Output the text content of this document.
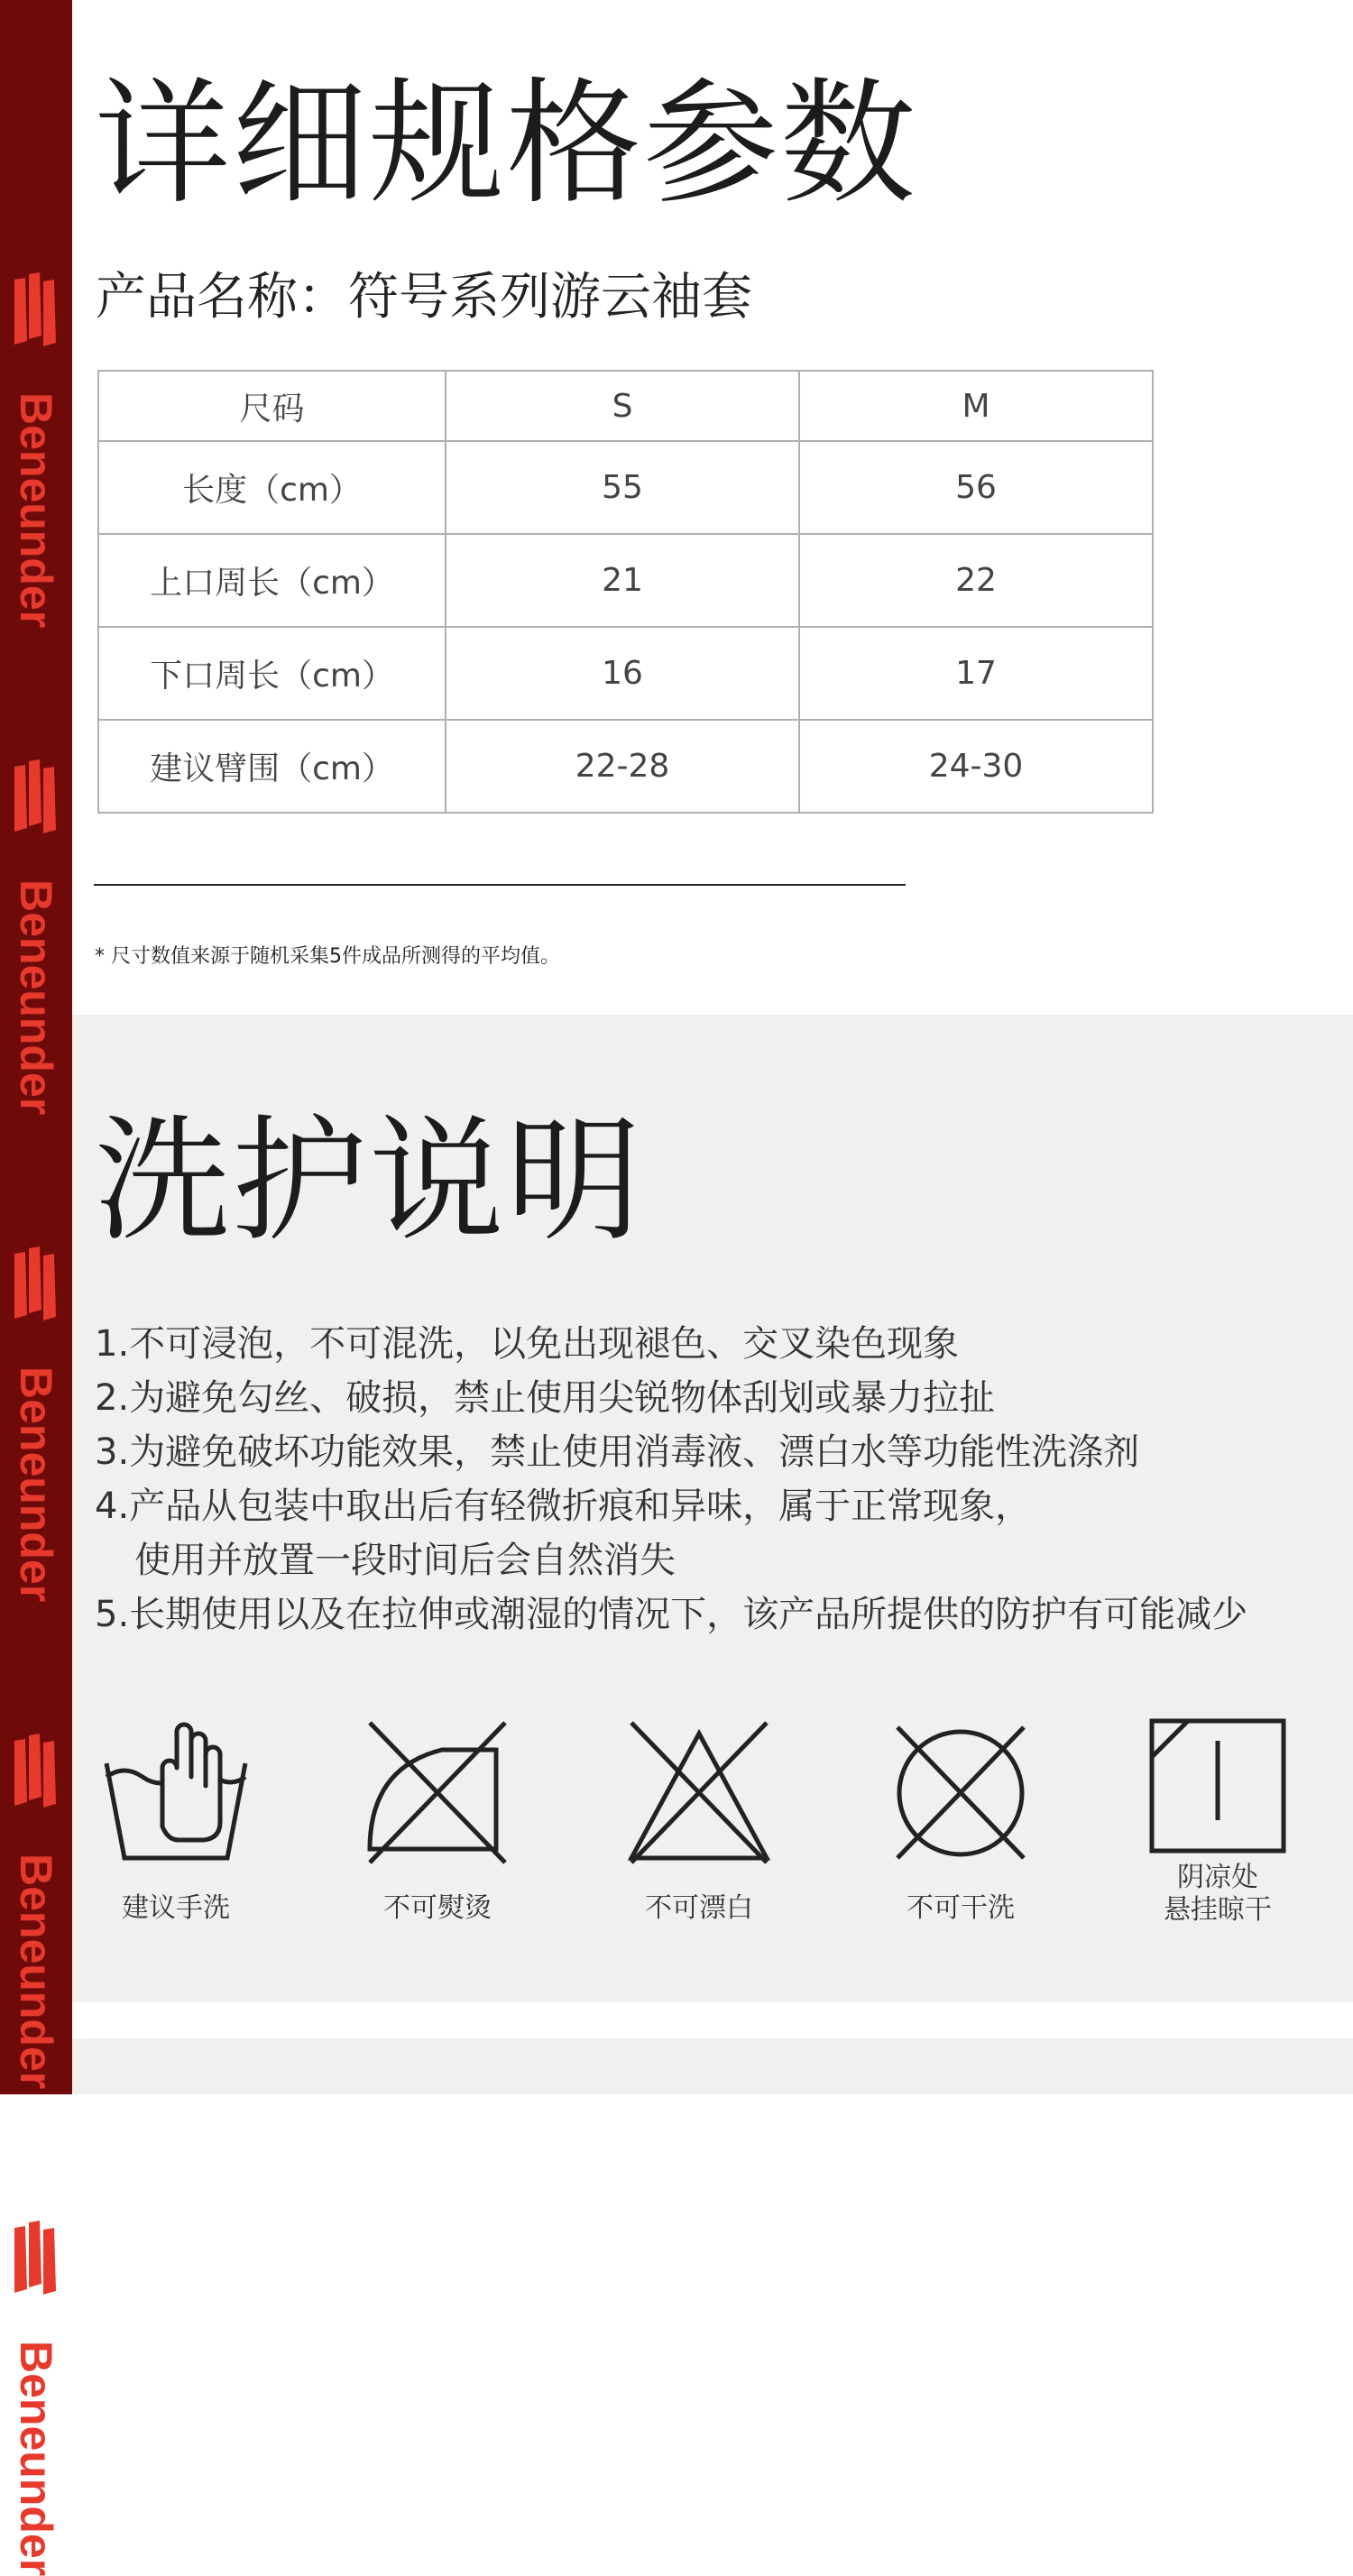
Beneunder
Beneunder
Beneunder
Beneunder
Beneunder
详细规格参数
产品名称：符号系列游云袖套
尺码	S	M
长度（cm）	55	56
上口周长（cm）	21	22
下口周长（cm）	16	17
建议臂围（cm）	22-28	24-30
* 尺寸数值来源于随机采集5件成品所测得的平均值。
洗护说明
1.不可浸泡，不可混洗，以免出现褪色、交叉染色现象
2.为避免勾丝、破损，禁止使用尖锐物体刮划或暴力拉扯
3.为避免破坏功能效果，禁止使用消毒液、漂白水等功能性洗涤剂
4.产品从包装中取出后有轻微折痕和异味，属于正常现象，
使用并放置一段时间后会自然消失
5.长期使用以及在拉伸或潮湿的情况下，该产品所提供的防护有可能减少
建议手洗	不可熨烫	不可漂白	不可干洗
阴凉处
悬挂晾干
